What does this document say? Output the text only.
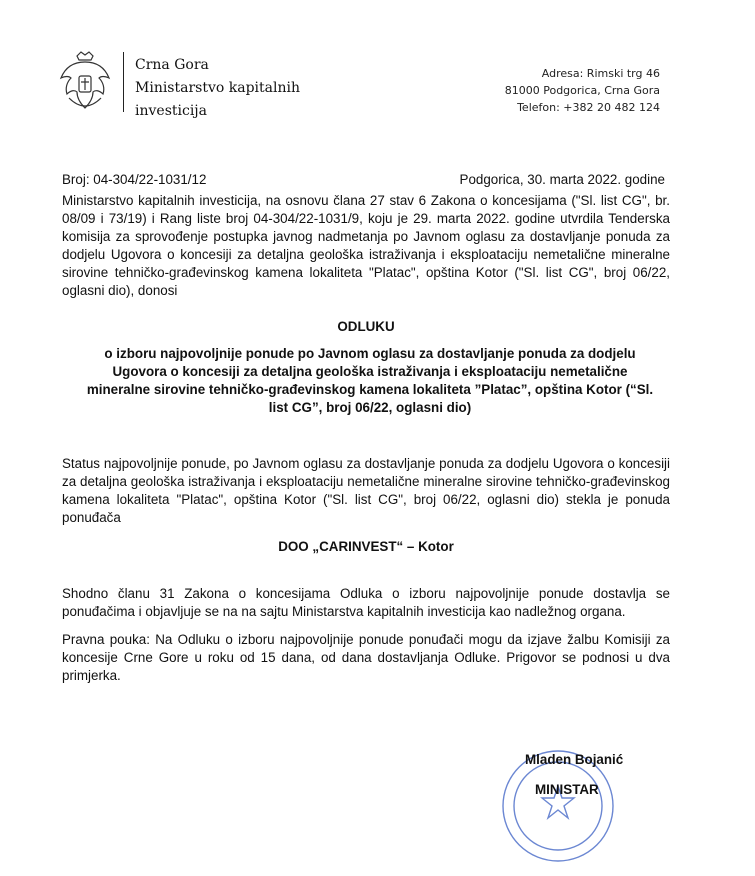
Crna Gora
Ministarstvo kapitalnih investicija
Adresa: Rimski trg 46
81000 Podgorica, Crna Gora
Telefon: +382 20 482 124
Broj: 04-304/22-1031/12	Podgorica, 30. marta 2022. godine
Ministarstvo kapitalnih investicija, na osnovu člana 27 stav 6 Zakona o koncesijama ("Sl. list CG", br. 08/09 i 73/19) i Rang liste broj 04-304/22-1031/9, koju je 29. marta 2022. godine utvrdila Tenderska komisija za sprovođenje postupka javnog nadmetanja po Javnom oglasu za dostavljanje ponuda za dodjelu Ugovora o koncesiji za detaljna geološka istraživanja i eksploataciju nemetalične mineralne sirovine tehničko-građevinskog kamena lokaliteta "Platac", opština Kotor ("Sl. list CG", broj 06/22, oglasni dio), donosi
ODLUKU
o izboru najpovoljnije ponude po Javnom oglasu za dostavljanje ponuda za dodjelu Ugovora o koncesiji za detaljna geološka istraživanja i eksploataciju nemetalične mineralne sirovine tehničko-građevinskog kamena lokaliteta ”Platac”, opština Kotor (“Sl. list CG”, broj 06/22, oglasni dio)
Status najpovoljnije ponude, po Javnom oglasu za dostavljanje ponuda za dodjelu Ugovora o koncesiji za detaljna geološka istraživanja i eksploataciju nemetalične mineralne sirovine tehničko-građevinskog kamena lokaliteta "Platac", opština Kotor ("Sl. list CG", broj 06/22, oglasni dio) stekla je ponuda ponuđača
DOO „CARINVEST“ – Kotor
Shodno članu 31 Zakona o koncesijama Odluka o izboru najpovoljnije ponude dostavlja se ponuđačima i objavljuje se na na sajtu Ministarstva kapitalnih investicija kao nadležnog organa.
Pravna pouka: Na Odluku o izboru najpovoljnije ponude ponuđači mogu da izjave žalbu Komisiji za koncesije Crne Gore u roku od 15 dana, od dana dostavljanja Odluke. Prigovor se podnosi u dva primjerka.
Mladen Bojanić
MINISTAR
